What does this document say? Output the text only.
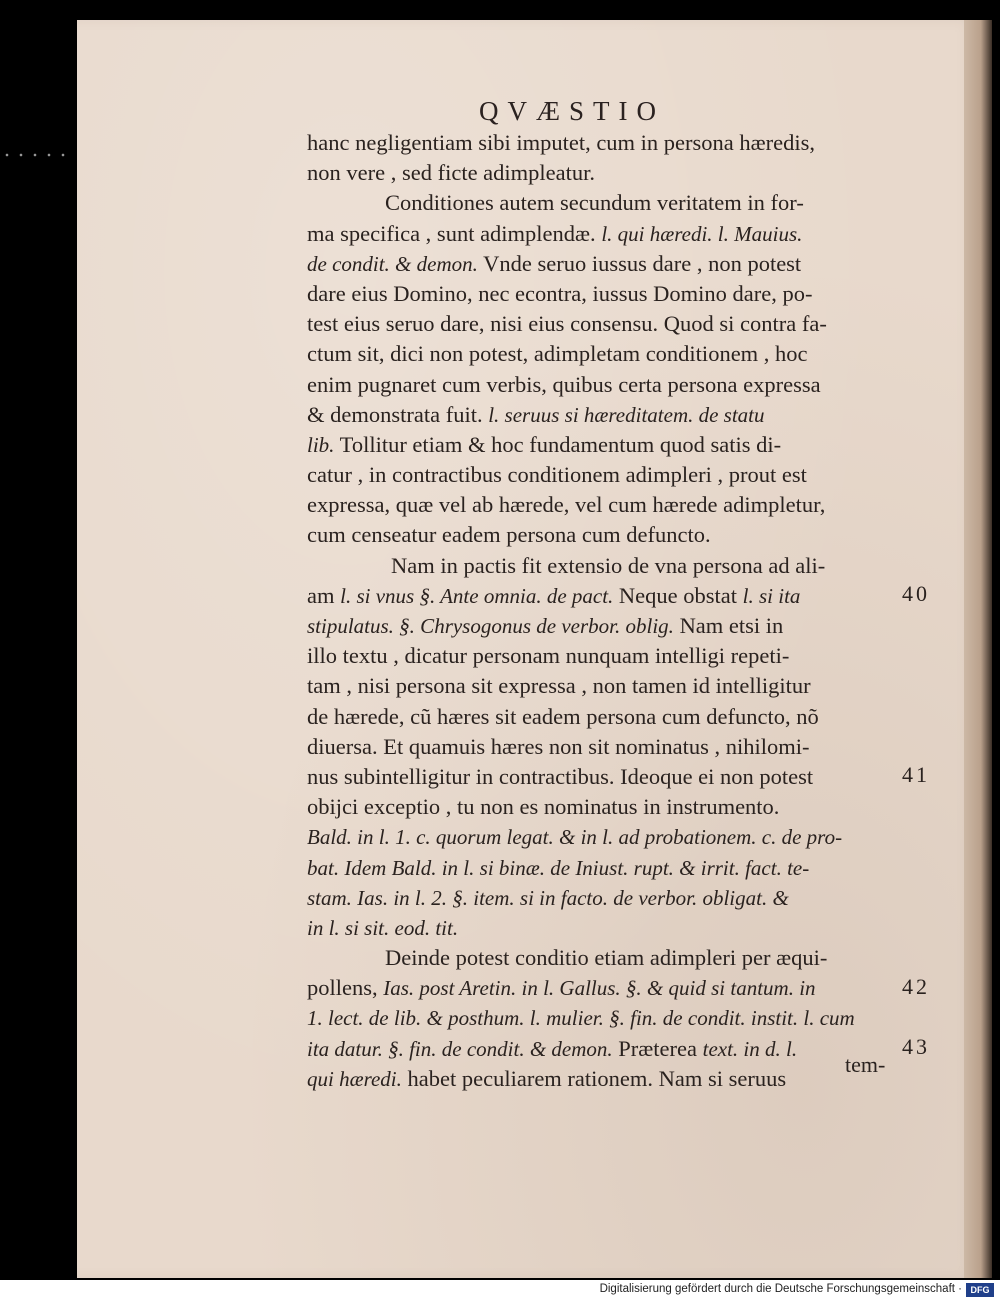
QVÆSTIO
hanc negligentiam sibi imputet, cum in persona hæredis,
non vere , sed ficte adimpleatur.
Conditiones autem secundum veritatem in for-
ma specifica , sunt adimplendæ. l. qui hæredi. l. Mauius.
de condit. & demon. Vnde seruo iussus dare , non potest
dare eius Domino, nec econtra, iussus Domino dare, po-
test eius seruo dare, nisi eius consensu. Quod si contra fa-
ctum sit, dici non potest, adimpletam conditionem , hoc
enim pugnaret cum verbis, quibus certa persona expressa
& demonstrata fuit. l. seruus si hæreditatem. de statu
lib. Tollitur etiam & hoc fundamentum quod satis di-
catur , in contractibus conditionem adimpleri , prout est
expressa, quæ vel ab hærede, vel cum hærede adimpletur,
cum censeatur eadem persona cum defuncto.
Nam in pactis fit extensio de vna persona ad ali-
am l. si vnus §. Ante omnia. de pact. Neque obstat l. si ita
stipulatus. §. Chrysogonus de verbor. oblig. Nam etsi in
illo textu , dicatur personam nunquam intelligi repeti-
tam , nisi persona sit expressa , non tamen id intelligitur
de hærede, cũ hæres sit eadem persona cum defuncto, nõ
diuersa. Et quamuis hæres non sit nominatus , nihilomi-
nus subintelligitur in contractibus. Ideoque ei non potest
obijci exceptio , tu non es nominatus in instrumento.
Bald. in l. 1. c. quorum legat. & in l. ad probationem. c. de pro-
bat. Idem Bald. in l. si binæ. de Iniust. rupt. & irrit. fact. te-
stam. Ias. in l. 2. §. item. si in facto. de verbor. obligat. &
in l. si sit. eod. tit.
Deinde potest conditio etiam adimpleri per æqui-
pollens, Ias. post Aretin. in l. Gallus. §. & quid si tantum. in
1. lect. de lib. & posthum. l. mulier. §. fin. de condit. instit. l. cum
ita datur. §. fin. de condit. & demon. Præterea text. in d. l.
qui hæredi. habet peculiarem rationem. Nam si seruus
40
41
42
43
tem-
Digitalisierung gefördert durch die Deutsche Forschungsgemeinschaft · DFG
